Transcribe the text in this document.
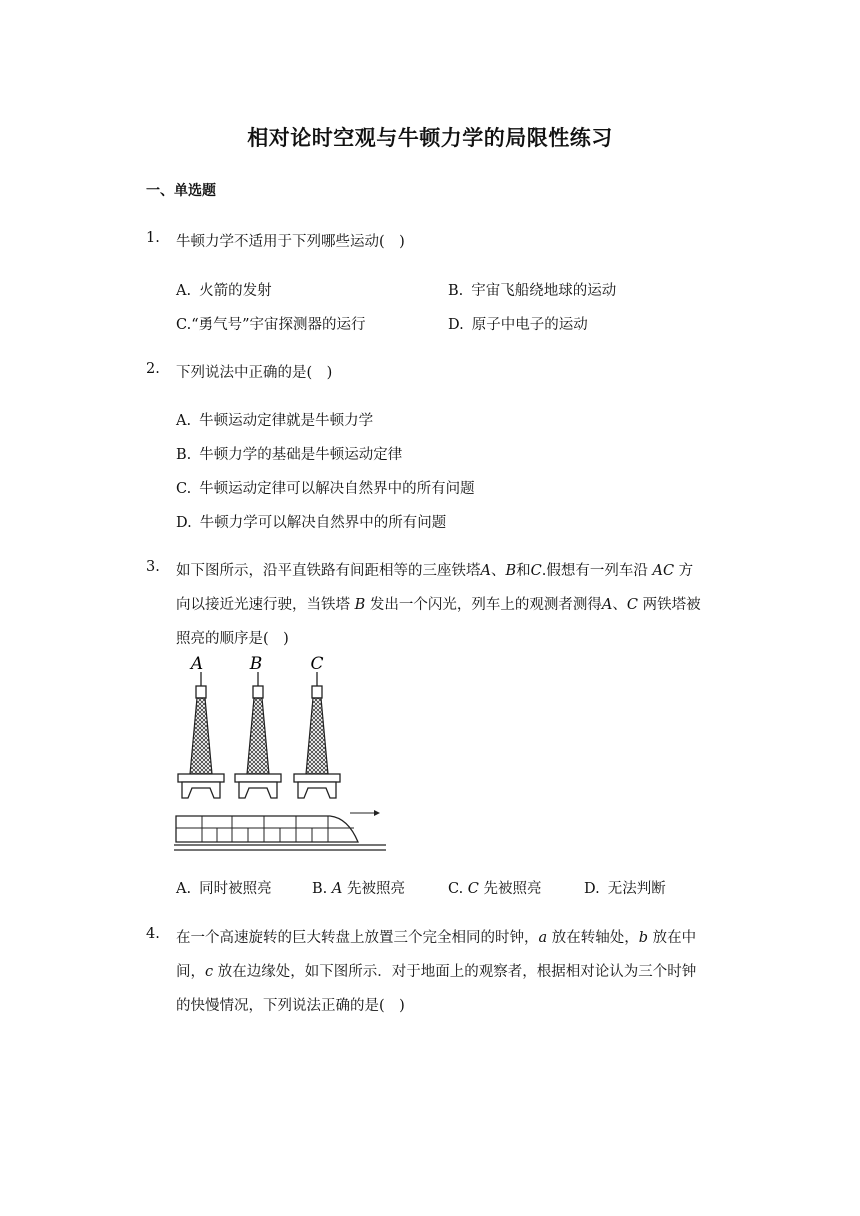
相对论时空观与牛顿力学的局限性练习
一、单选题
1. 牛顿力学不适用于下列哪些运动(　)
A. 火箭的发射	B. 宇宙飞船绕地球的运动
C.“勇气号”宇宙探测器的运行	D. 原子中电子的运动
2. 下列说法中正确的是(　)
A. 牛顿运动定律就是牛顿力学
B. 牛顿力学的基础是牛顿运动定律
C. 牛顿运动定律可以解决自然界中的所有问题
D. 牛顿力学可以解决自然界中的所有问题
3. 如下图所示，沿平直铁路有间距相等的三座铁塔A、B和C.假想有一列车沿 AC 方
向以接近光速行驶，当铁塔 B 发出一个闪光，列车上的观测者测得A、C 两铁塔被
照亮的顺序是(　)
A	B	C
A. 同时被照亮	B. A 先被照亮	C. C 先被照亮	D. 无法判断
4. 在一个高速旋转的巨大转盘上放置三个完全相同的时钟，a 放在转轴处，b 放在中
间，c 放在边缘处，如下图所示．对于地面上的观察者，根据相对论认为三个时钟
的快慢情况，下列说法正确的是(　)
